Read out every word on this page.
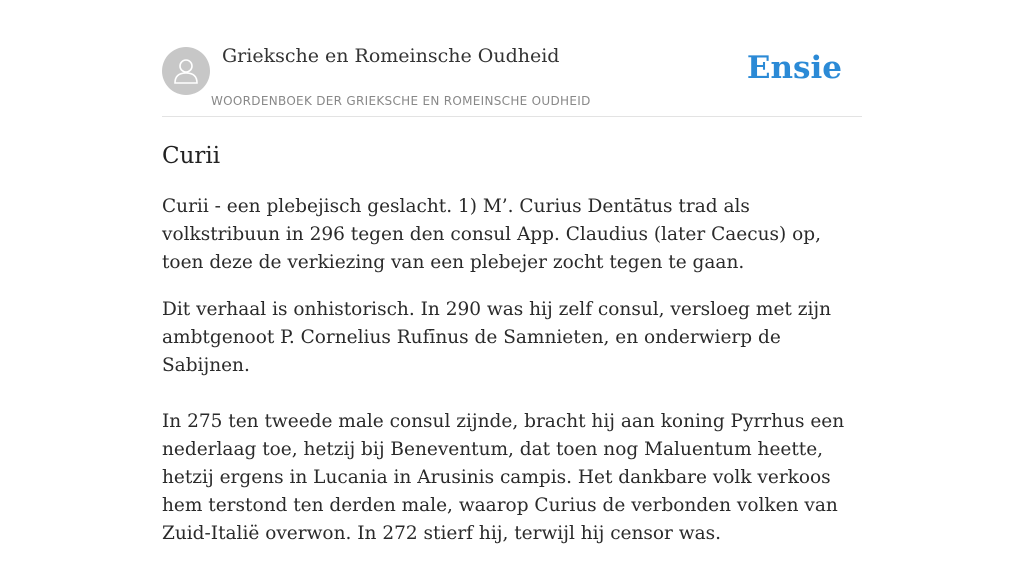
Grieksche en Romeinsche Oudheid
WOORDENBOEK DER GRIEKSCHE EN ROMEINSCHE OUDHEID
Ensie
Curii

Curii - een plebejisch geslacht. 1) M’. Curius Dentātus trad als volkstribuun in 296 tegen den consul App. Claudius (later Caecus) op, toen deze de verkiezing van een plebejer zocht tegen te gaan.

Dit verhaal is onhistorisch. In 290 was hij zelf consul, versloeg met zijn ambtgenoot P. Cornelius Rufīnus de Samnieten, en onderwierp de Sabijnen.

In 275 ten tweede male consul zijnde, bracht hij aan koning Pyrrhus een nederlaag toe, hetzij bij Beneventum, dat toen nog Maluentum heette, hetzij ergens in Lucania in Arusinis campis. Het dankbare volk verkoos hem terstond ten derden male, waarop Curius de verbonden volken van Zuid-Italië overwon. In 272 stierf hij, terwijl hij censor was.
